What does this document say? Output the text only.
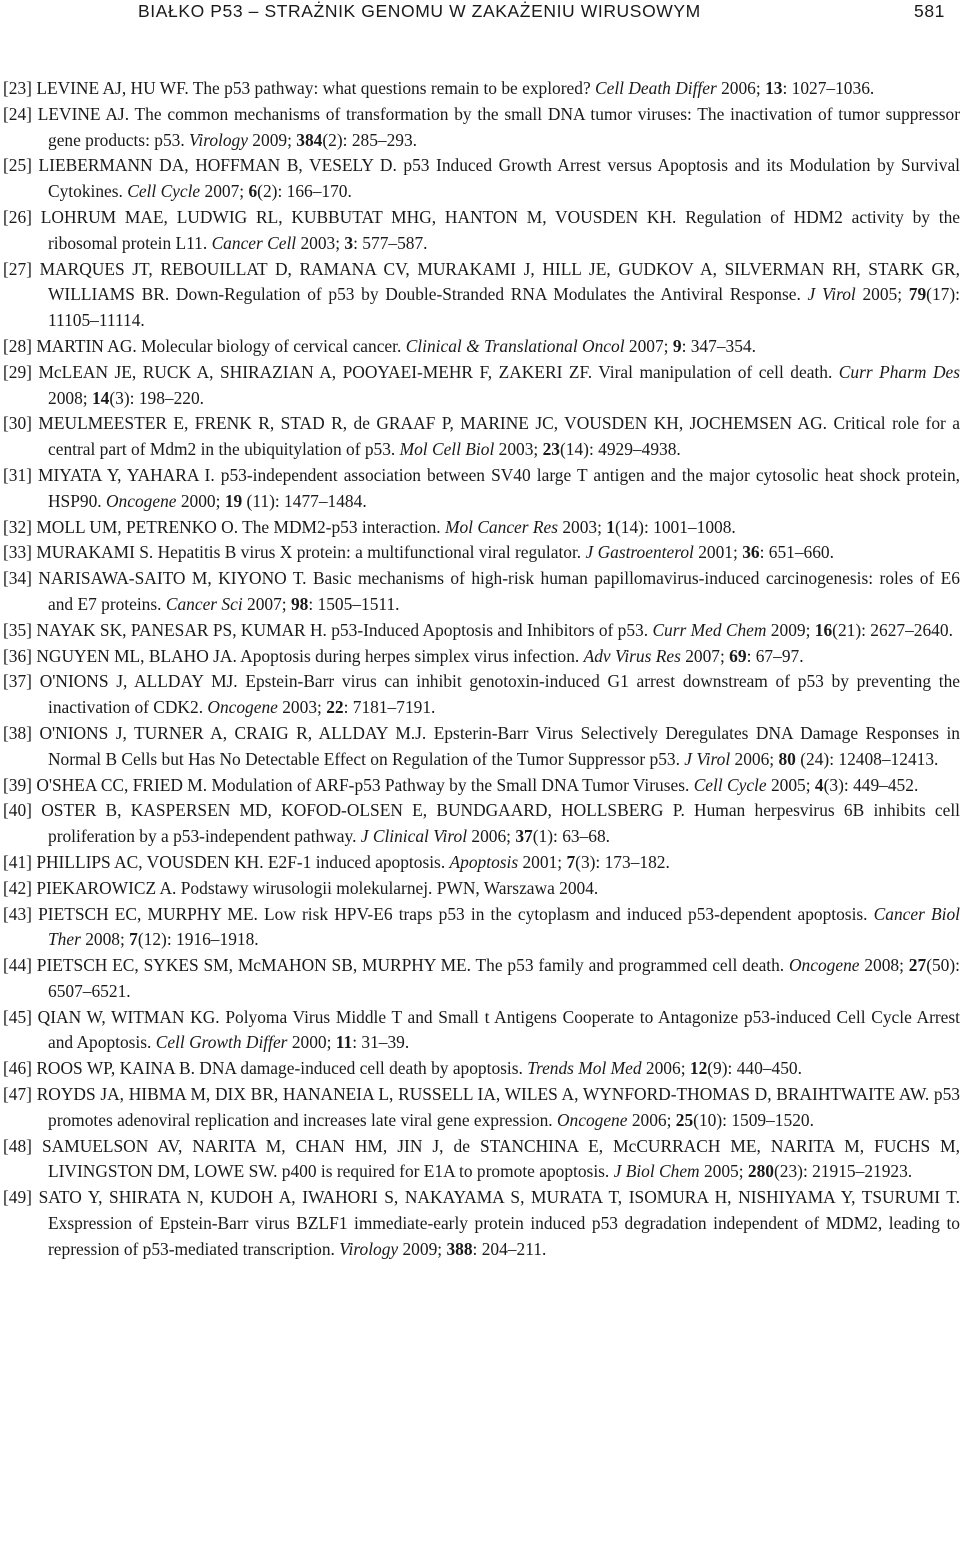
BIAŁKO P53 – STRAŻNIK GENOMU W ZAKAŻENIU WIRUSOWYM	581

[23] LEVINE AJ, HU WF. The p53 pathway: what questions remain to be explored? Cell Death Differ 2006; 13: 1027–1036.

[24] LEVINE AJ. The common mechanisms of transformation by the small DNA tumor viruses: The inactivation of tumor suppressor gene products: p53. Virology 2009; 384(2): 285–293.

[25] LIEBERMANN DA, HOFFMAN B, VESELY D. p53 Induced Growth Arrest versus Apoptosis and its Modulation by Survival Cytokines. Cell Cycle 2007; 6(2): 166–170.

[26] LOHRUM MAE, LUDWIG RL, KUBBUTAT MHG, HANTON M, VOUSDEN KH. Regulation of HDM2 activity by the ribosomal protein L11. Cancer Cell 2003; 3: 577–587.

[27] MARQUES JT, REBOUILLAT D, RAMANA CV, MURAKAMI J, HILL JE, GUDKOV A, SILVERMAN RH, STARK GR, WILLIAMS BR. Down-Regulation of p53 by Double-Stranded RNA Modulates the Antiviral Response. J Virol 2005; 79(17): 11105–11114.

[28] MARTIN AG. Molecular biology of cervical cancer. Clinical & Translational Oncol 2007; 9: 347–354.

[29] McLEAN JE, RUCK A, SHIRAZIAN A, POOYAEI-MEHR F, ZAKERI ZF. Viral manipulation of cell death. Curr Pharm Des 2008; 14(3): 198–220.

[30] MEULMEESTER E, FRENK R, STAD R, de GRAAF P, MARINE JC, VOUSDEN KH, JOCHEMSEN AG. Critical role for a central part of Mdm2 in the ubiquitylation of p53. Mol Cell Biol 2003; 23(14): 4929–4938.

[31] MIYATA Y, YAHARA I. p53-independent association between SV40 large T antigen and the major cytosolic heat shock protein, HSP90. Oncogene 2000; 19 (11): 1477–1484.

[32] MOLL UM, PETRENKO O. The MDM2-p53 interaction. Mol Cancer Res 2003; 1(14): 1001–1008.

[33] MURAKAMI S. Hepatitis B virus X protein: a multifunctional viral regulator. J Gastroenterol 2001; 36: 651–660.

[34] NARISAWA-SAITO M, KIYONO T. Basic mechanisms of high-risk human papillomavirus-induced carcinogenesis: roles of E6 and E7 proteins. Cancer Sci 2007; 98: 1505–1511.

[35] NAYAK SK, PANESAR PS, KUMAR H. p53-Induced Apoptosis and Inhibitors of p53. Curr Med Chem 2009; 16(21): 2627–2640.

[36] NGUYEN ML, BLAHO JA. Apoptosis during herpes simplex virus infection. Adv Virus Res 2007; 69: 67–97.

[37] O'NIONS J, ALLDAY MJ. Epstein-Barr virus can inhibit genotoxin-induced G1 arrest downstream of p53 by preventing the inactivation of CDK2. Oncogene 2003; 22: 7181–7191.

[38] O'NIONS J, TURNER A, CRAIG R, ALLDAY M.J. Epsterin-Barr Virus Selectively Deregulates DNA Damage Responses in Normal B Cells but Has No Detectable Effect on Regulation of the Tumor Suppressor p53. J Virol 2006; 80 (24): 12408–12413.

[39] O'SHEA CC, FRIED M. Modulation of ARF-p53 Pathway by the Small DNA Tumor Viruses. Cell Cycle 2005; 4(3): 449–452.

[40] OSTER B, KASPERSEN MD, KOFOD-OLSEN E, BUNDGAARD, HOLLSBERG P. Human herpesvirus 6B inhibits cell proliferation by a p53-independent pathway. J Clinical Virol 2006; 37(1): 63–68.

[41] PHILLIPS AC, VOUSDEN KH. E2F-1 induced apoptosis. Apoptosis 2001; 7(3): 173–182.

[42] PIEKAROWICZ A. Podstawy wirusologii molekularnej. PWN, Warszawa 2004.

[43] PIETSCH EC, MURPHY ME. Low risk HPV-E6 traps p53 in the cytoplasm and induced p53-dependent apoptosis. Cancer Biol Ther 2008; 7(12): 1916–1918.

[44] PIETSCH EC, SYKES SM, McMAHON SB, MURPHY ME. The p53 family and programmed cell death. Oncogene 2008; 27(50): 6507–6521.

[45] QIAN W, WITMAN KG. Polyoma Virus Middle T and Small t Antigens Cooperate to Antagonize p53-induced Cell Cycle Arrest and Apoptosis. Cell Growth Differ 2000; 11: 31–39.

[46] ROOS WP, KAINA B. DNA damage-induced cell death by apoptosis. Trends Mol Med 2006; 12(9): 440–450.

[47] ROYDS JA, HIBMA M, DIX BR, HANANEIA L, RUSSELL IA, WILES A, WYNFORD-THOMAS D, BRAIHTWAITE AW. p53 promotes adenoviral replication and increases late viral gene expression. Oncogene 2006; 25(10): 1509–1520.

[48] SAMUELSON AV, NARITA M, CHAN HM, JIN J, de STANCHINA E, McCURRACH ME, NARITA M, FUCHS M, LIVINGSTON DM, LOWE SW. p400 is required for E1A to promote apoptosis. J Biol Chem 2005; 280(23): 21915–21923.

[49] SATO Y, SHIRATA N, KUDOH A, IWAHORI S, NAKAYAMA S, MURATA T, ISOMURA H, NISHIYAMA Y, TSURUMI T. Exspression of Epstein-Barr virus BZLF1 immediate-early protein induced p53 degradation independent of MDM2, leading to repression of p53-mediated transcription. Virology 2009; 388: 204–211.
